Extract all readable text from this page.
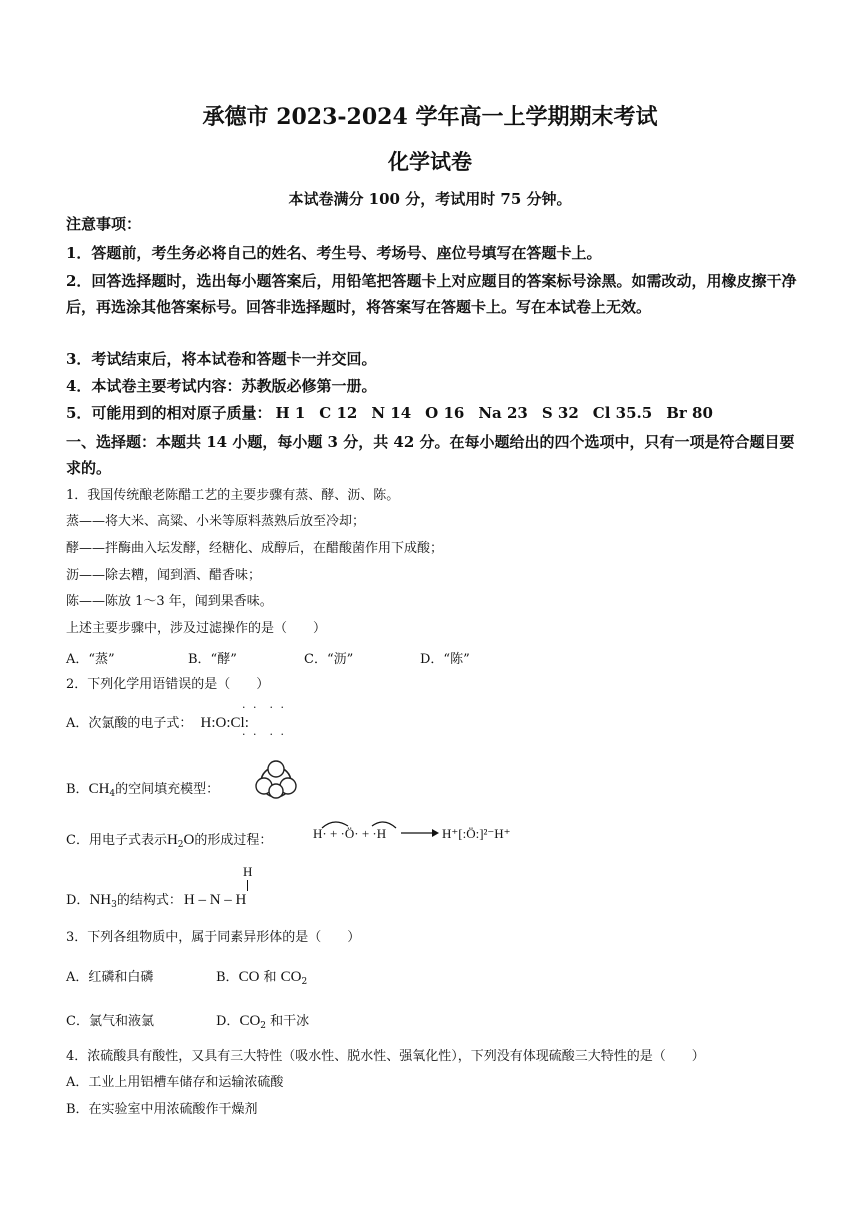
承德市 2023-2024 学年高一上学期期末考试
化学试卷
本试卷满分 100 分，考试用时 75 分钟。
注意事项：
1．答题前，考生务必将自己的姓名、考生号、考场号、座位号填写在答题卡上。
2．回答选择题时，选出每小题答案后，用铅笔把答题卡上对应题目的答案标号涂黑。如需改动，用橡皮擦干净后，再选涂其他答案标号。回答非选择题时，将答案写在答题卡上。写在本试卷上无效。
3．考试结束后，将本试卷和答题卡一并交回。
4．本试卷主要考试内容：苏教版必修第一册。
5．可能用到的相对原子质量： H 1 C 12 N 14 O 16 Na 23 S 32 Cl 35.5 Br 80
一、选择题：本题共 14 小题，每小题 3 分，共 42 分。在每小题给出的四个选项中，只有一项是符合题目要求的。
1．我国传统酿老陈醋工艺的主要步骤有蒸、酵、沥、陈。
蒸——将大米、高粱、小米等原料蒸熟后放至冷却；
酵——拌酶曲入坛发酵，经糖化、成醇后，在醋酸菌作用下成酸；
沥——除去糟，闻到酒、醋香味；
陈——陈放 1～3 年，闻到果香味。
上述主要步骤中，涉及过滤操作的是（　　）
A．“蒸”	B．“酵”	C．“沥”	D．“陈”
2．下列化学用语错误的是（　　）
A．次氯酸的电子式： H:O:Cl:
· ·  · ·
· ·  · ·
B．$CH_4$的空间填充模型：
C．用电子式表示$H_2O$的形成过程：	H· + ·Ö· + ·H → H⁺[:Ö:]²⁻H⁺
H
D．$NH_3$的结构式： H – N – H
3．下列各组物质中，属于同素异形体的是（　　）
A．红磷和白磷	B．CO 和 $CO_2$
C．氯气和液氯	D．$CO_2$ 和干冰
4．浓硫酸具有酸性，又具有三大特性（吸水性、脱水性、强氧化性），下列没有体现硫酸三大特性的是（　　）
A．工业上用铝槽车储存和运输浓硫酸
B．在实验室中用浓硫酸作干燥剂
